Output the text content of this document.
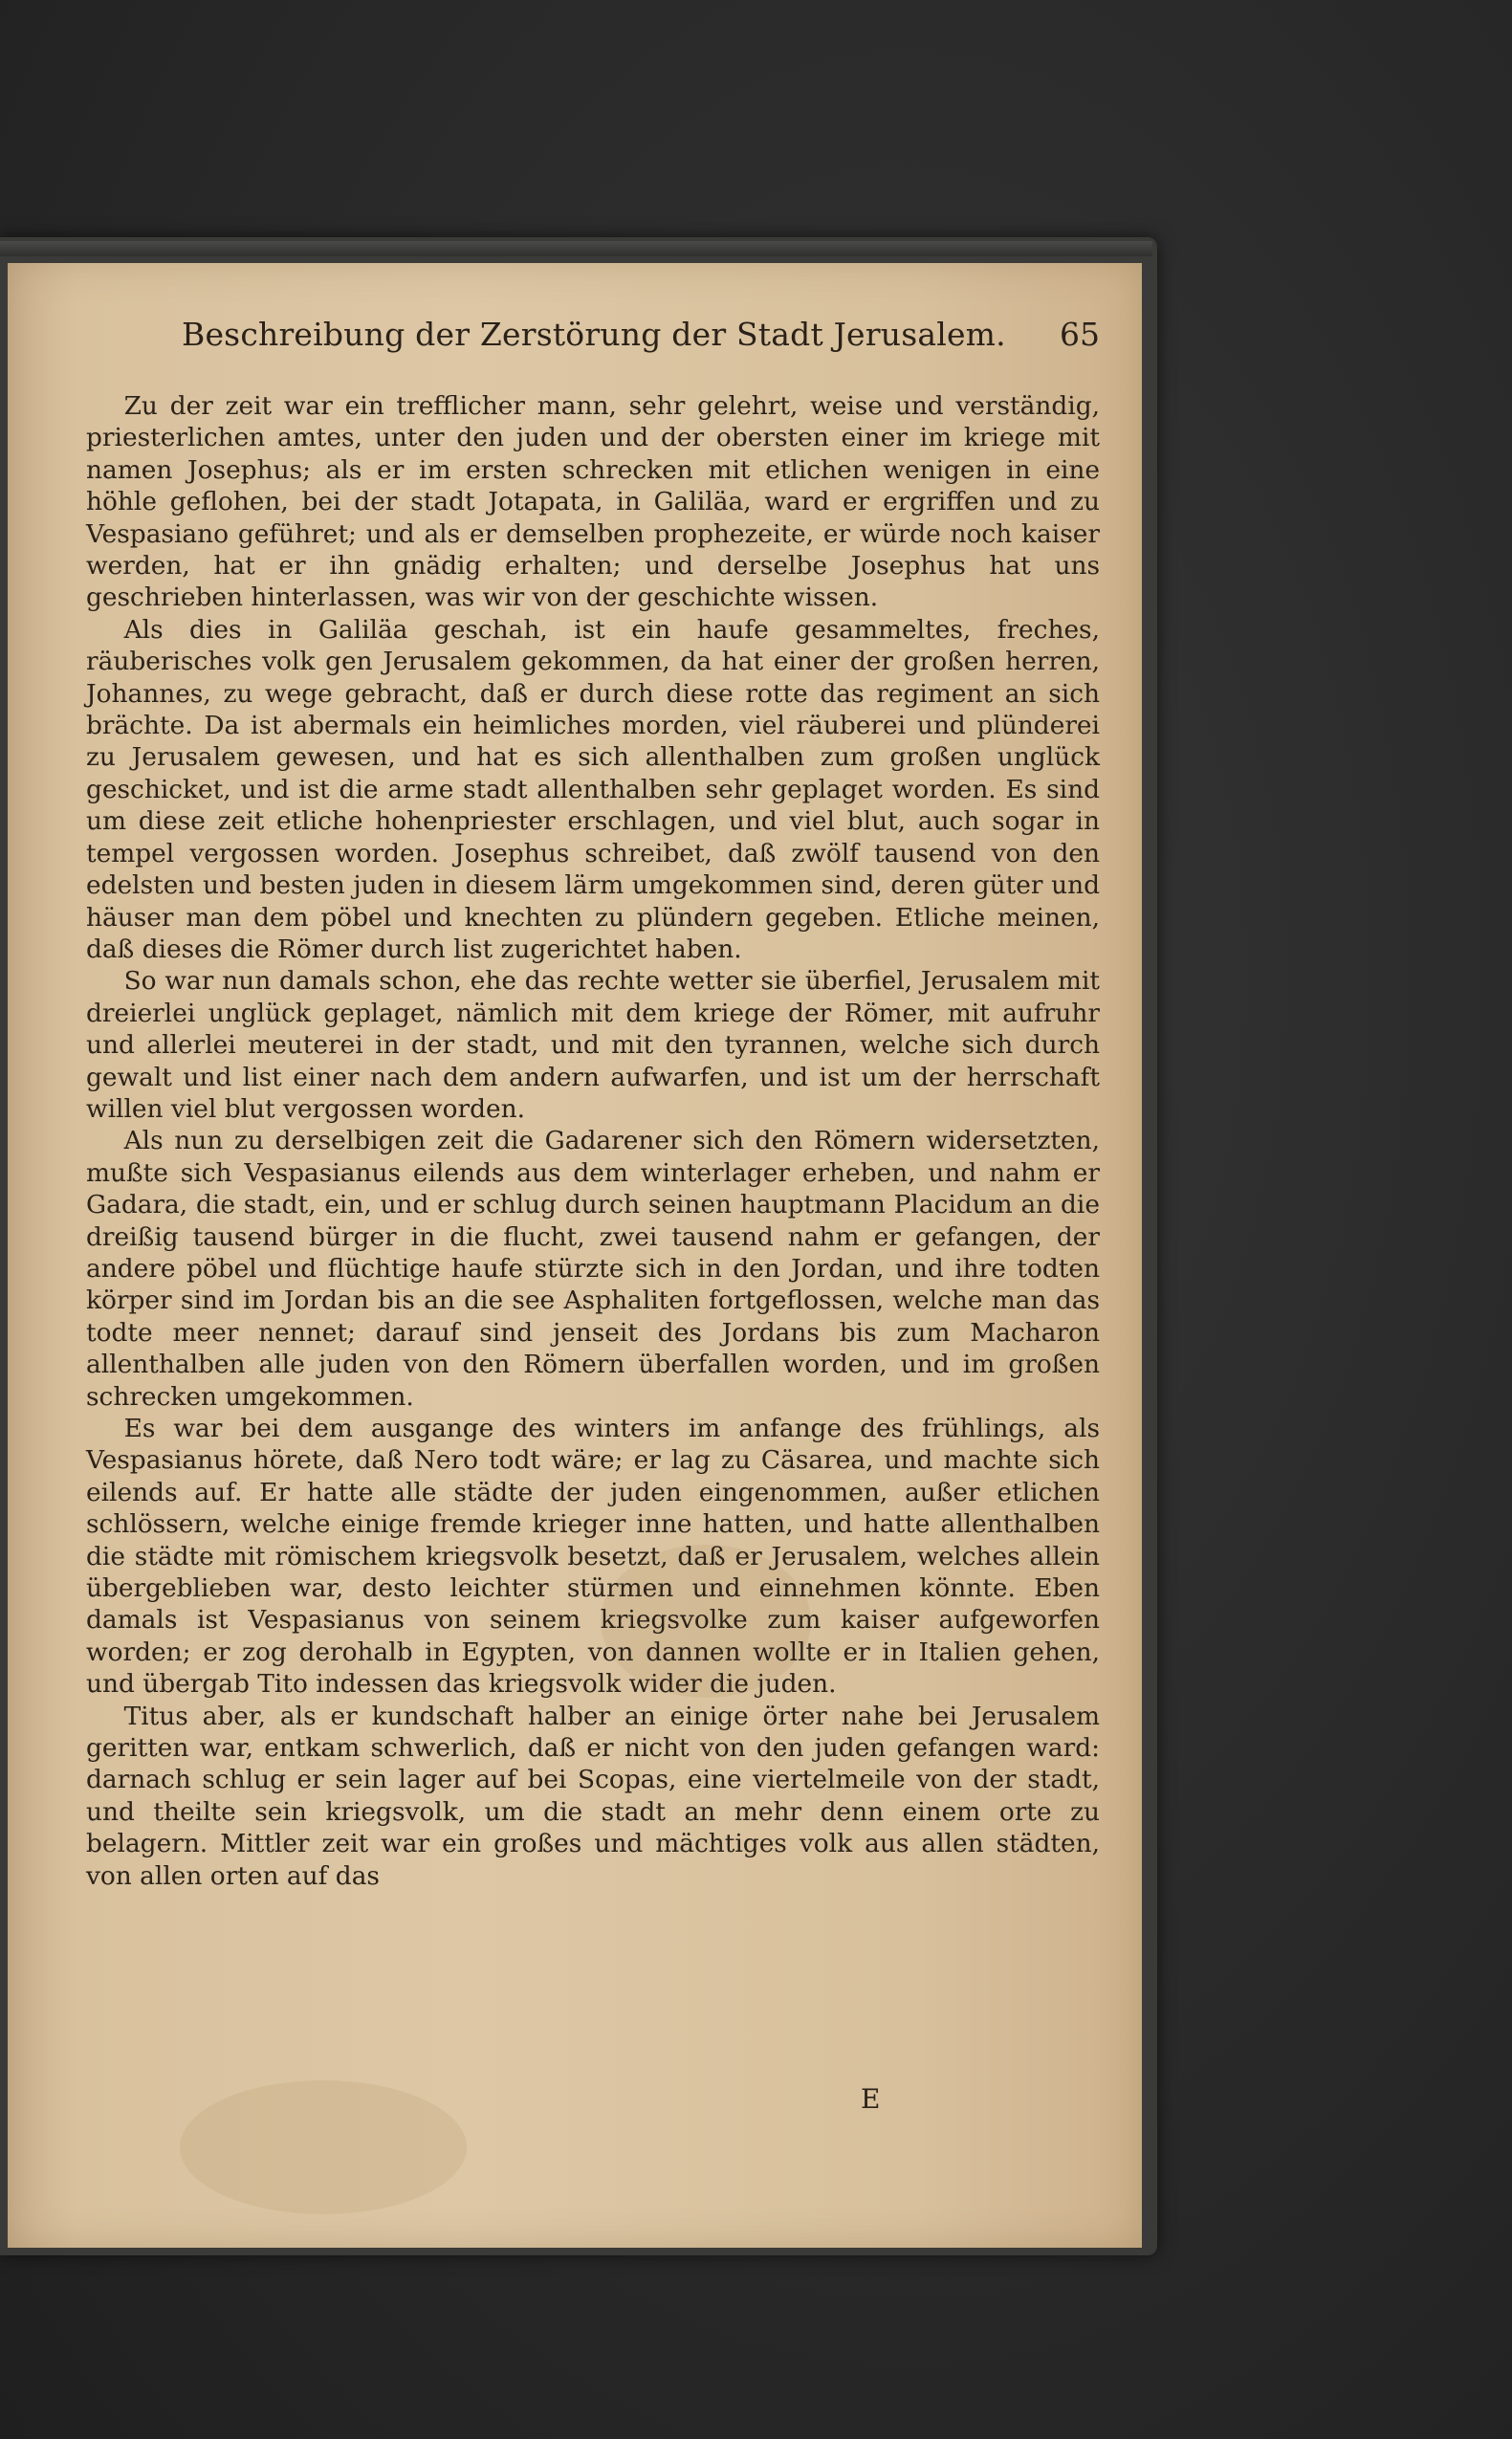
Beschreibung der Zerstörung der Stadt Jerusalem. 65

Zu der zeit war ein trefflicher mann, sehr gelehrt, weise und verständig, priesterlichen amtes, unter den juden und der obersten einer im kriege mit namen Josephus; als er im ersten schrecken mit etlichen wenigen in eine höhle geflohen, bei der stadt Jotapata, in Galiläa, ward er ergriffen und zu Vespasiano geführet; und als er demselben prophezeite, er würde noch kaiser werden, hat er ihn gnädig erhalten; und derselbe Josephus hat uns geschrieben hinterlassen, was wir von der geschichte wissen.

Als dies in Galiläa geschah, ist ein haufe gesammeltes, freches, räuberisches volk gen Jerusalem gekommen, da hat einer der großen herren, Johannes, zu wege gebracht, daß er durch diese rotte das regiment an sich brächte. Da ist abermals ein heimliches morden, viel räuberei und plünderei zu Jerusalem gewesen, und hat es sich allenthalben zum großen unglück geschicket, und ist die arme stadt allenthalben sehr geplaget worden. Es sind um diese zeit etliche hohenpriester erschlagen, und viel blut, auch sogar in tempel vergossen worden. Josephus schreibet, daß zwölf tausend von den edelsten und besten juden in diesem lärm umgekommen sind, deren güter und häuser man dem pöbel und knechten zu plündern gegeben. Etliche meinen, daß dieses die Römer durch list zugerichtet haben.

So war nun damals schon, ehe das rechte wetter sie überfiel, Jerusalem mit dreierlei unglück geplaget, nämlich mit dem kriege der Römer, mit aufruhr und allerlei meuterei in der stadt, und mit den tyrannen, welche sich durch gewalt und list einer nach dem andern aufwarfen, und ist um der herrschaft willen viel blut vergossen worden.

Als nun zu derselbigen zeit die Gadarener sich den Römern widersetzten, mußte sich Vespasianus eilends aus dem winterlager erheben, und nahm er Gadara, die stadt, ein, und er schlug durch seinen hauptmann Placidum an die dreißig tausend bürger in die flucht, zwei tausend nahm er gefangen, der andere pöbel und flüchtige haufe stürzte sich in den Jordan, und ihre todten körper sind im Jordan bis an die see Asphaliten fortgeflossen, welche man das todte meer nennet; darauf sind jenseit des Jordans bis zum Macharon allenthalben alle juden von den Römern überfallen worden, und im großen schrecken umgekommen.

Es war bei dem ausgange des winters im anfange des frühlings, als Vespasianus hörete, daß Nero todt wäre; er lag zu Cäsarea, und machte sich eilends auf. Er hatte alle städte der juden eingenommen, außer etlichen schlössern, welche einige fremde krieger inne hatten, und hatte allenthalben die städte mit römischem kriegsvolk besetzt, daß er Jerusalem, welches allein übergeblieben war, desto leichter stürmen und einnehmen könnte. Eben damals ist Vespasianus von seinem kriegsvolke zum kaiser aufgeworfen worden; er zog derohalb in Egypten, von dannen wollte er in Italien gehen, und übergab Tito indessen das kriegsvolk wider die juden.

Titus aber, als er kundschaft halber an einige örter nahe bei Jerusalem geritten war, entkam schwerlich, daß er nicht von den juden gefangen ward: darnach schlug er sein lager auf bei Scopas, eine viertelmeile von der stadt, und theilte sein kriegsvolk, um die stadt an mehr denn einem orte zu belagern. Mittler zeit war ein großes und mächtiges volk aus allen städten, von allen orten auf das

E
